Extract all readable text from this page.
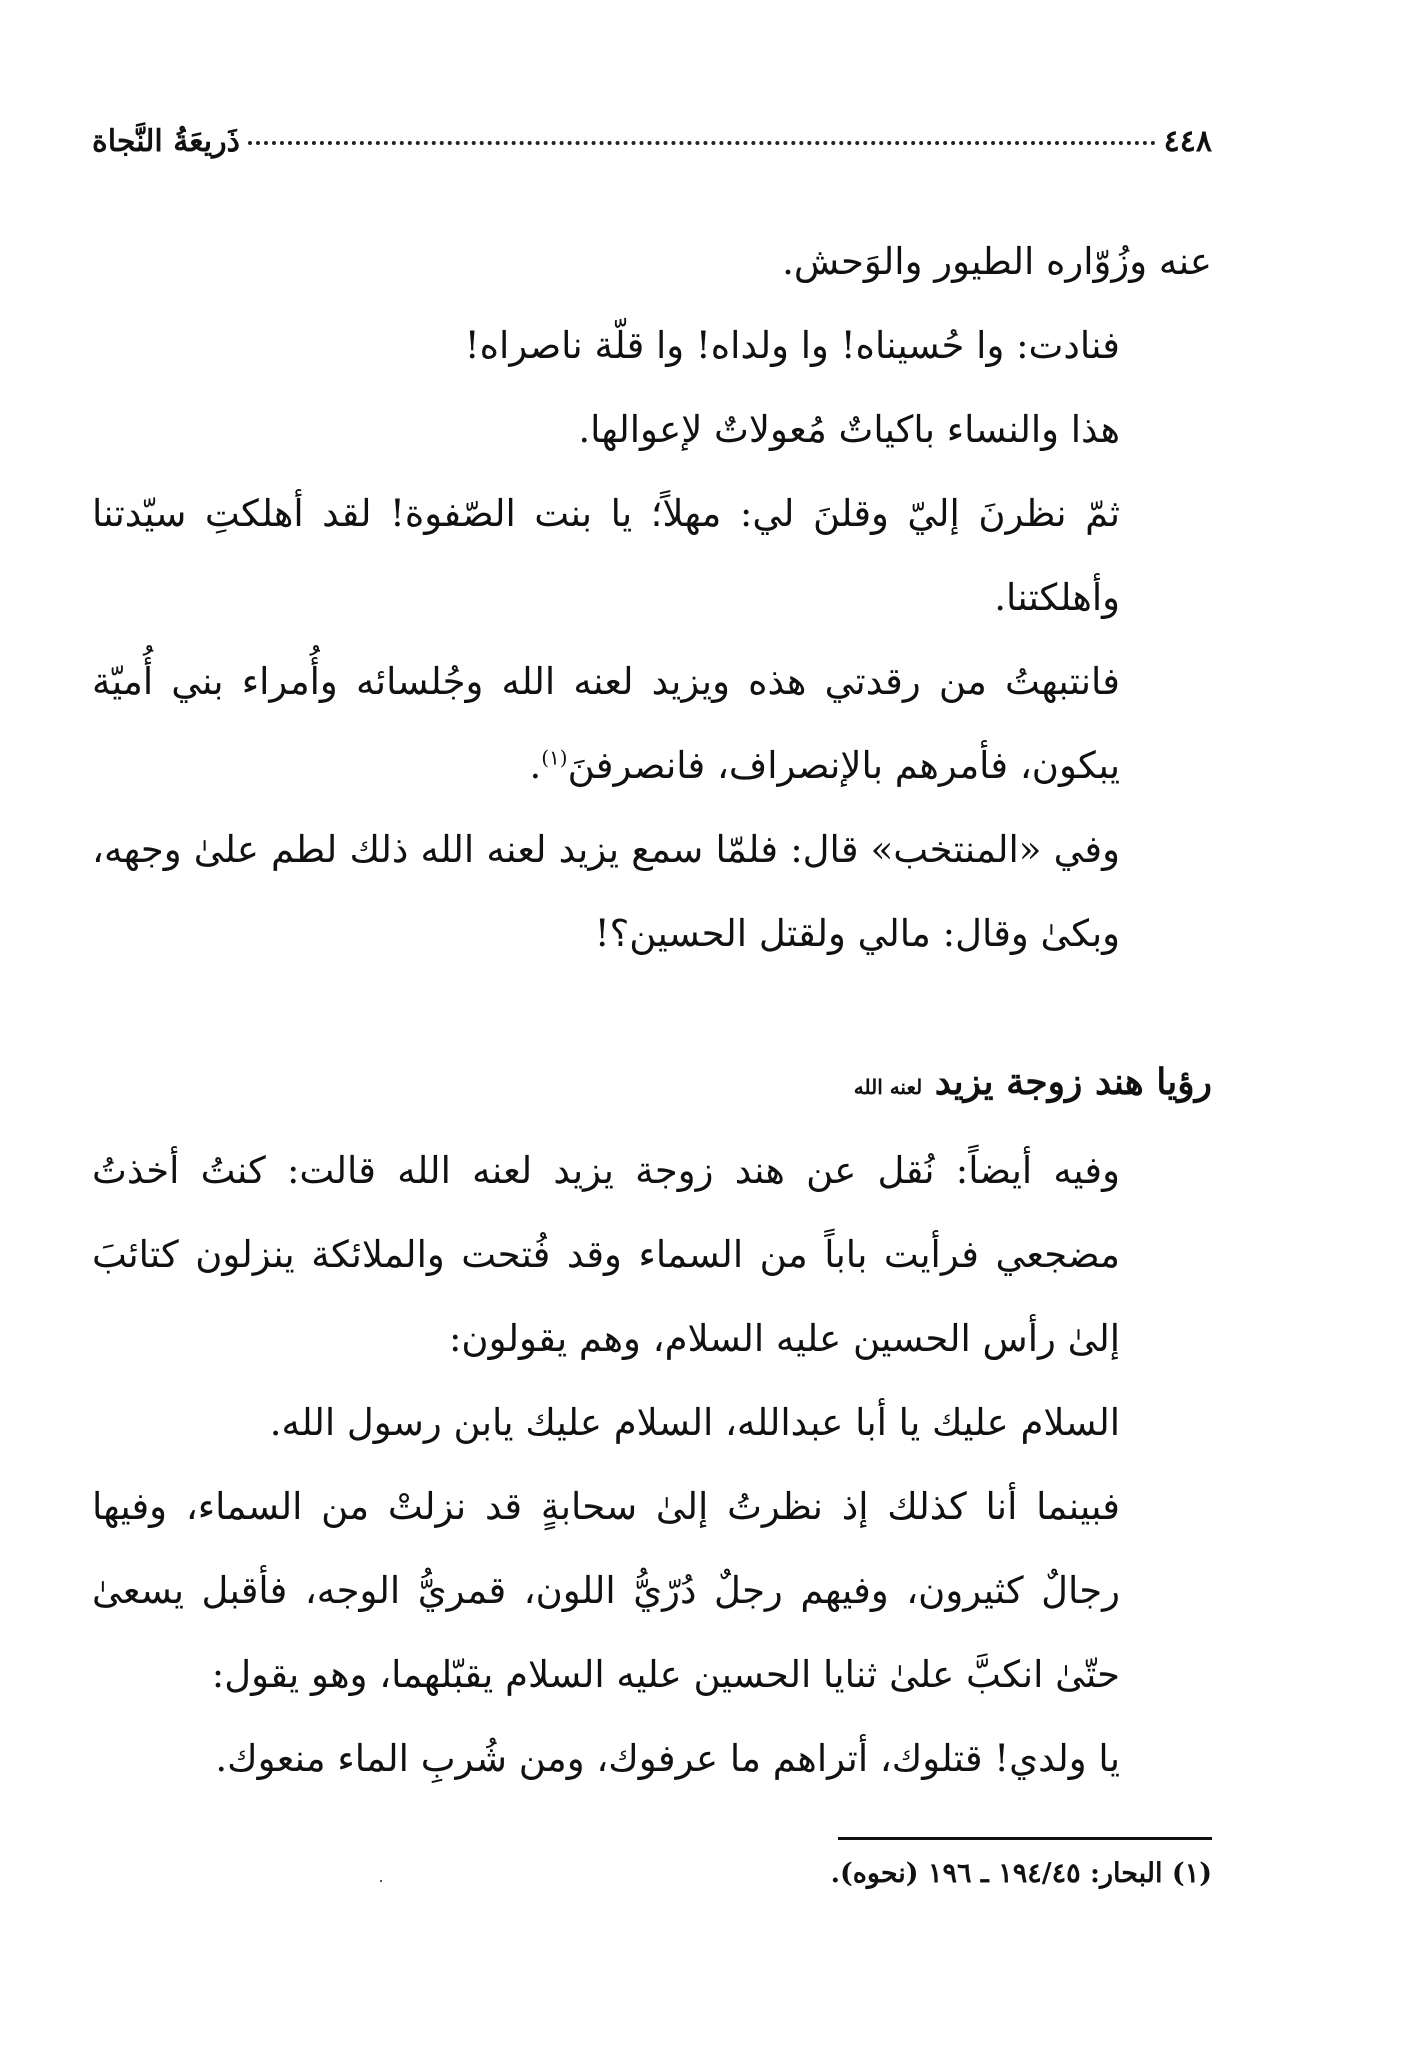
٤٤٨
ذَريعَةُ النَّجاة

عنه وزُوّاره الطيور والوَحش.

فنادت: وا حُسيناه! وا ولداه! وا قلّة ناصراه!

هذا والنساء باكياتٌ مُعولاتٌ لإعوالها.

ثمّ نظرنَ إليّ وقلنَ لي: مهلاً؛ يا بنت الصّفوة! لقد أهلكتِ سيّدتنا وأهلكتنا.

فانتبهتُ من رقدتي هذه ويزيد لعنه الله وجُلسائه وأُمراء بني أُميّة يبكون، فأمرهم بالإنصراف، فانصرفنَ$^{(١)}$.

وفي «المنتخب» قال: فلمّا سمع يزيد لعنه الله ذلك لطم علىٰ وجهه، وبكىٰ وقال: مالي ولقتل الحسين؟!

رؤيا هند زوجة يزيد لعنه الله

وفيه أيضاً: نُقل عن هند زوجة يزيد لعنه الله قالت: كنتُ أخذتُ مضجعي فرأيت باباً من السماء وقد فُتحت والملائكة ينزلون كتائبَ إلىٰ رأس الحسين عليه السلام، وهم يقولون:

السلام عليك يا أبا عبدالله، السلام عليك يابن رسول الله.

فبينما أنا كذلك إذ نظرتُ إلىٰ سحابةٍ قد نزلتْ من السماء، وفيها رجالٌ كثيرون، وفيهم رجلٌ دُرّيُّ اللون، قمريُّ الوجه، فأقبل يسعىٰ حتّىٰ انكبَّ علىٰ ثنايا الحسين عليه السلام يقبّلهما، وهو يقول:

يا ولدي! قتلوك، أتراهم ما عرفوك، ومن شُربِ الماء منعوك.

(١) البحار: ١٩٤/٤٥ ـ ١٩٦ (نحوه).
